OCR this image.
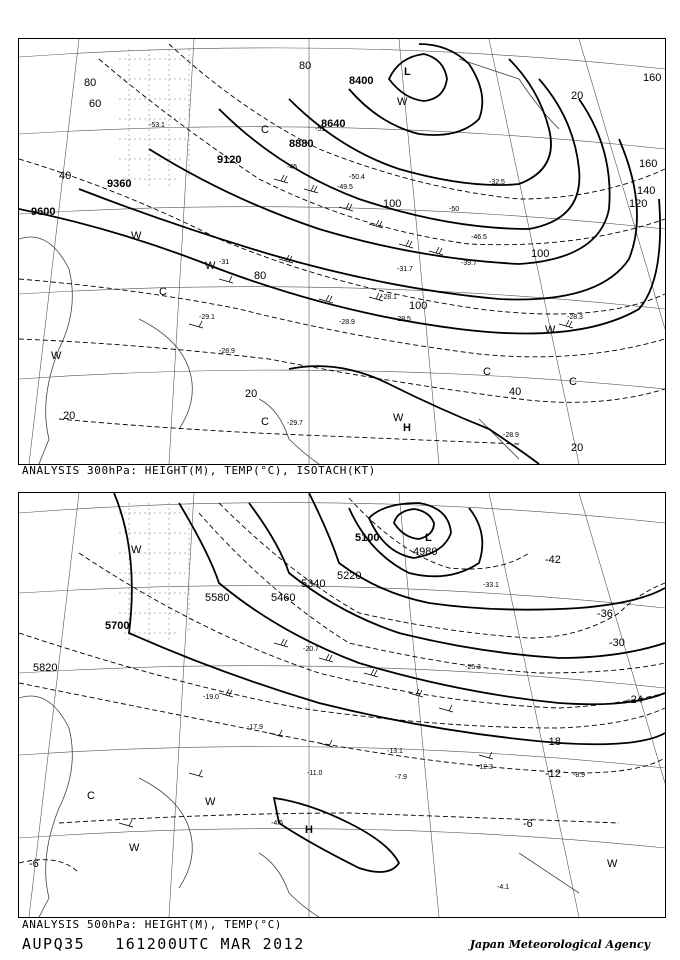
9600
9360
9120
8880
8640
8400
80
60
80
100
100
100
40
20
20
40
20
120
140
160
160
20
80
-53.1
-51
-45
-49.5
-50.4
-46.5
-50
-31.7
-39.7
-28.1
-28.5
-28.9
-29.1
-28.9
-28.9
-29.7
-31
-32.5
-28.3
L
H
C
C
C
C
C
W
W
W
W
W
W
ANALYSIS 300hPa: HEIGHT(M), TEMP(°C), ISOTACH(KT)
5820
5700
5580	5460
5340
5220
5100
4980
-6
-12
-18
-24
-30
-36
-42
-6
-13.1
-12.3
-8.9
-4.5
-4.1
-20.7
-25.3
-33.1
-19.0
-17.9
-7.9
-11.0
L
H
C
W
W
W
W
ANALYSIS 500hPa: HEIGHT(M), TEMP(°C)
AUPQ35 161200UTC MAR 2012	Japan Meteorological Agency
